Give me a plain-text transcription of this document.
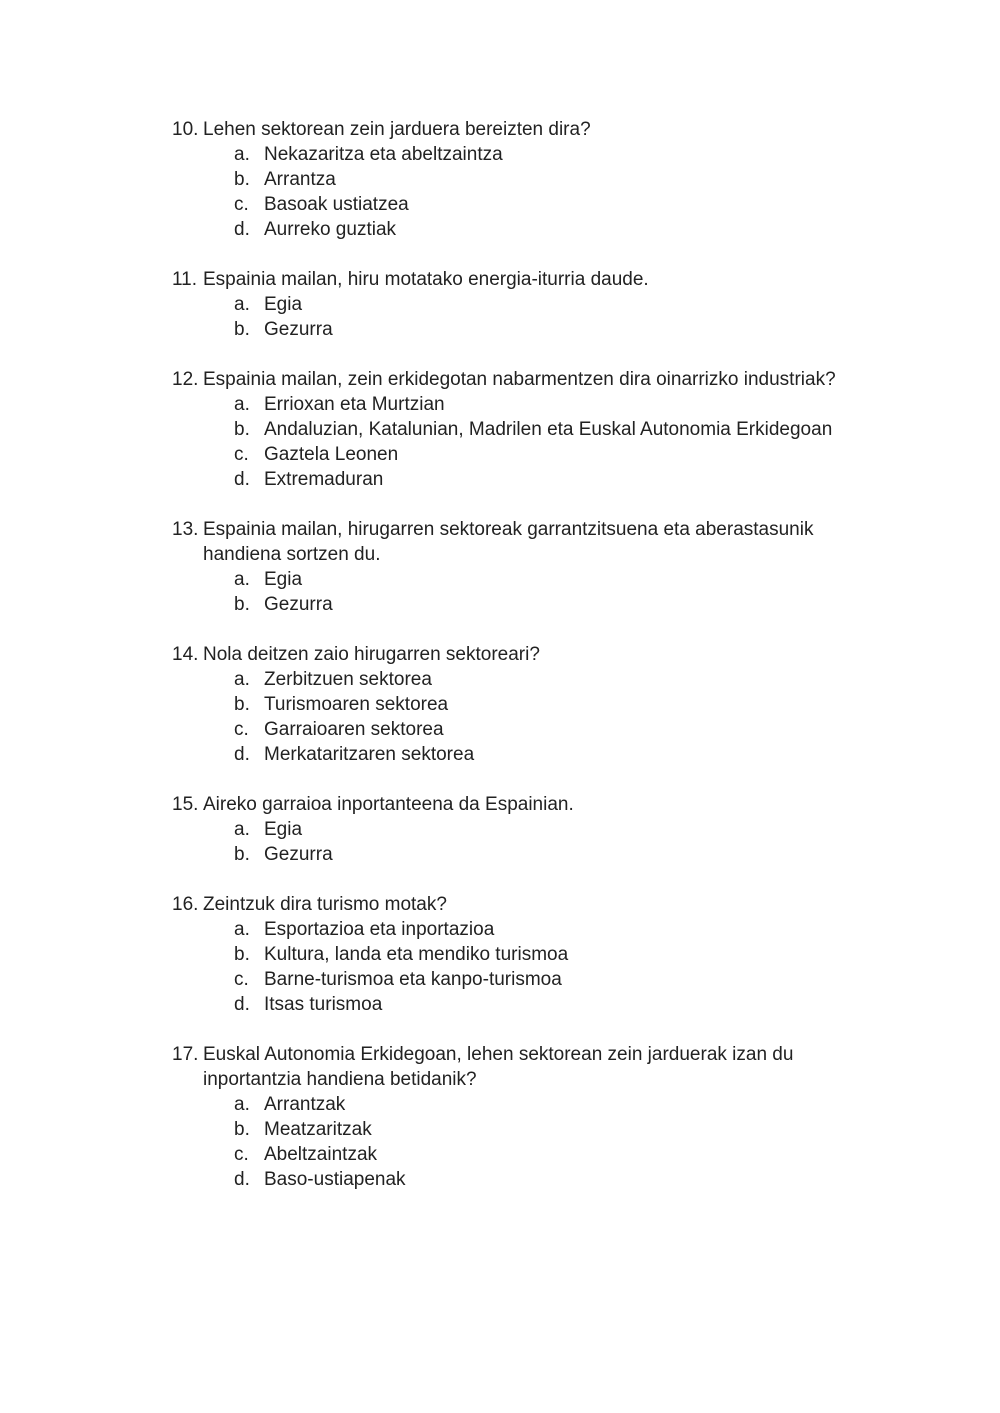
10. Lehen sektorean zein jarduera bereizten dira?
a. Nekazaritza eta abeltzaintza
b. Arrantza
c. Basoak ustiatzea
d. Aurreko guztiak
11. Espainia mailan, hiru motatako energia-iturria daude.
a. Egia
b. Gezurra
12. Espainia mailan, zein erkidegotan nabarmentzen dira oinarrizko industriak?
a. Errioxan eta Murtzian
b. Andaluzian, Katalunian, Madrilen eta Euskal Autonomia Erkidegoan
c. Gaztela Leonen
d. Extremaduran
13. Espainia mailan, hirugarren sektoreak garrantzitsuena eta aberastasunik handiena sortzen du.
a. Egia
b. Gezurra
14. Nola deitzen zaio hirugarren sektoreari?
a. Zerbitzuen sektorea
b. Turismoaren sektorea
c. Garraioaren sektorea
d. Merkataritzaren sektorea
15. Aireko garraioa inportanteena da Espainian.
a. Egia
b. Gezurra
16. Zeintzuk dira turismo motak?
a. Esportazioa eta inportazioa
b. Kultura, landa eta mendiko turismoa
c. Barne-turismoa eta kanpo-turismoa
d. Itsas turismoa
17. Euskal Autonomia Erkidegoan, lehen sektorean zein jarduerak izan du inportantzia handiena betidanik?
a. Arrantzak
b. Meatzaritzak
c. Abeltzaintzak
d. Baso-ustiapenak
